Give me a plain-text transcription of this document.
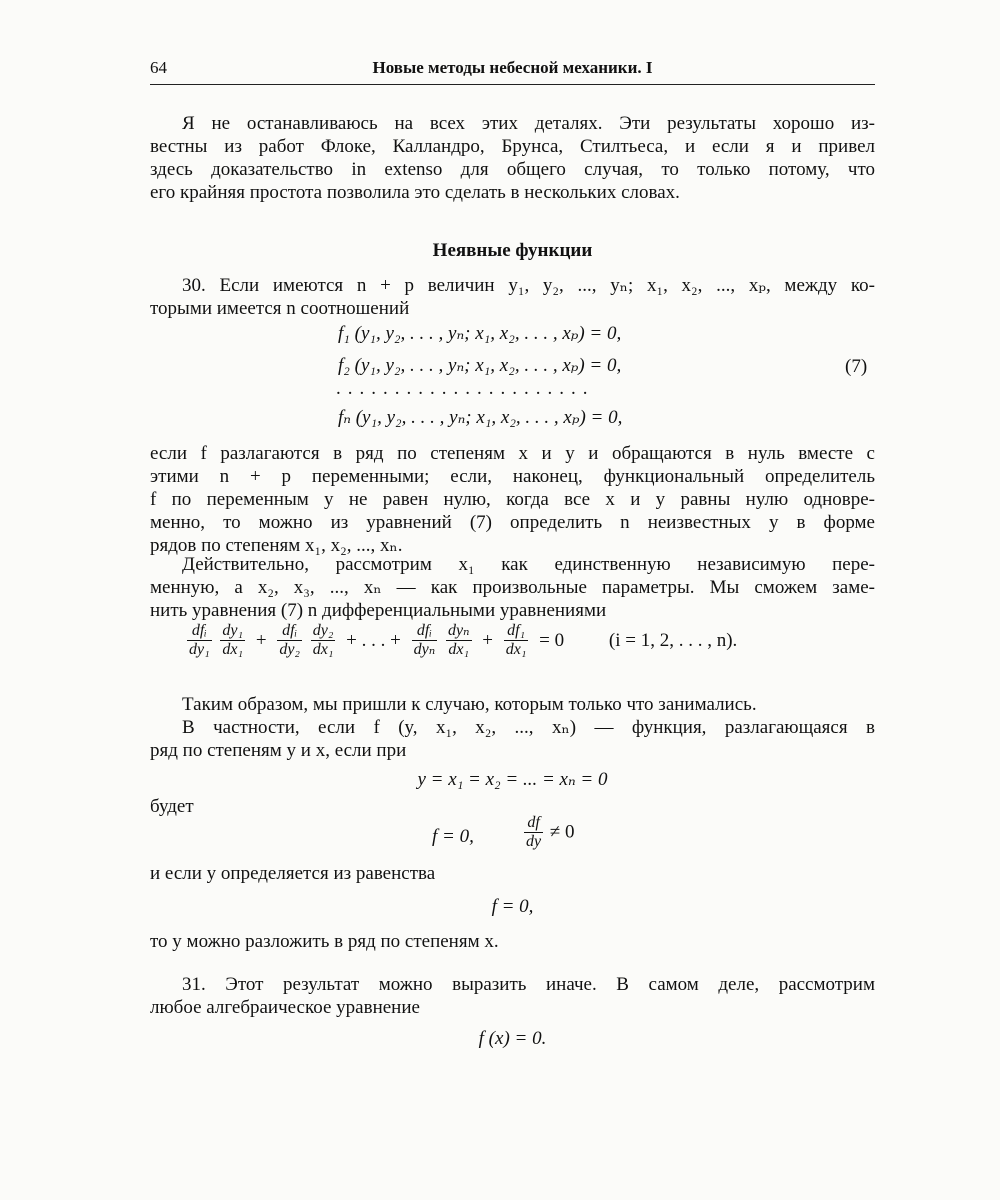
64	Новые методы небесной механики. I
Я не останавливаюсь на всех этих деталях. Эти результаты хорошо из-
вестны из работ Флоке, Калландро, Брунса, Стилтьеса, и если я и привел
здесь доказательство in extenso для общего случая, то только потому, что
его крайняя простота позволила это сделать в нескольких словах.
Неявные функции
30. Если имеются n + p величин y₁, y₂, ..., yₙ; x₁, x₂, ..., xₚ, между ко-
торыми имеется n соотношений
f₁ (y₁, y₂, . . . , yₙ; x₁, x₂, . . . , xₚ) = 0,
f₂ (y₁, y₂, . . . , yₙ; x₁, x₂, . . . , xₚ) = 0,	(7)
......................
fₙ (y₁, y₂, . . . , yₙ; x₁, x₂, . . . , xₚ) = 0,
если f разлагаются в ряд по степеням x и y и обращаются в нуль вместе с
этими n + p переменными; если, наконец, функциональный определитель
f по переменным y не равен нулю, когда все x и y равны нулю одновре-
менно, то можно из уравнений (7) определить n неизвестных y в форме
рядов по степеням x₁, x₂, ..., xₙ.
Действительно, рассмотрим x₁ как единственную независимую пере-
менную, а x₂, x₃, ..., xₙ — как произвольные параметры. Мы сможем заме-
нить уравнения (7) n дифференциальными уравнениями
$\frac{\text{dfᵢ}}{\text{dy₁}}$
$\frac{\text{dy₁}}{\text{dx₁}} + \frac{\text{dfᵢ}}{\text{dy₂}}$
$\frac{\text{dy₂}}{\text{dx₁}}$ + . . . + $\frac{\text{dfᵢ}}{\text{dyₙ}}$
$\frac{\text{dyₙ}}{\text{dx₁}} + \frac{\text{df₁}}{\text{dx₁}} = 0$ (i = 1, 2, . . . , n).
Таким образом, мы пришли к случаю, которым только что занимались.
В частности, если f (y, x₁, x₂, ..., xₙ) — функция, разлагающаяся в
ряд по степеням y и x, если при
y = x₁ = x₂ = ... = xₙ = 0
будет
f = 0,	$\frac{df}{dy} \ne 0$
и если y определяется из равенства
f = 0,
то y можно разложить в ряд по степеням x.
31. Этот результат можно выразить иначе. В самом деле, рассмотрим
любое алгебраическое уравнение
f (x) = 0.
